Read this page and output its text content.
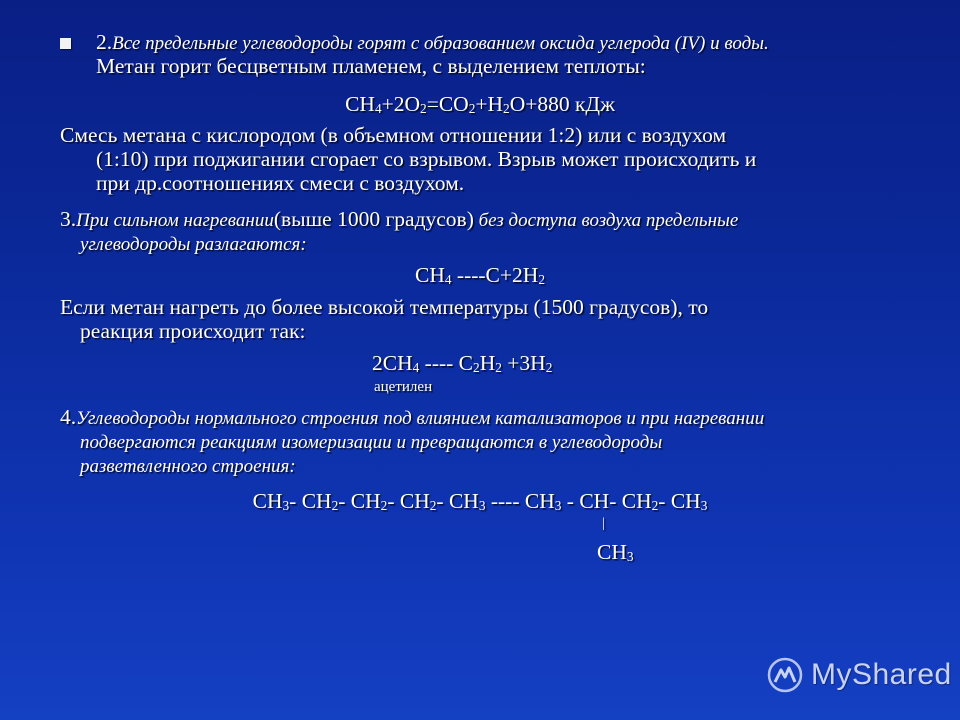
2.Все предельные углеводороды горят с образованием оксида углерода (IV) и воды.
Метан горит бесцветным пламенем, с выделением теплоты:
$CH_4+2O_2=CO_2+H_2O+880$ кДж
Смесь метана с кислородом (в объемном отношении 1:2) или с воздухом
(1:10) при поджигании сгорает со взрывом. Взрыв может происходить и
при др.соотношениях смеси с воздухом.
3.При сильном нагревании(выше 1000 градусов) без доступа воздуха предельные
углеводороды разлагаются:
$CH_4$ $----C+2H_2$
Если метан нагреть до более высокой температуры (1500 градусов), то
реакция происходит так:
$2CH_4$ ---- $C_2H_2 +3H_2$
ацетилен
4.Углеводороды нормального строения под влиянием катализаторов и при нагревании
подвергаются реакциям изомеризации и превращаются в углеводороды
разветвленного строения:
$CH_3-$ $CH_2-$ $CH_2-$ $CH_2-$ $CH_3$ ---- $CH_3 - CH-$ $CH_2-$ $CH_3$
|
$CH_3$
MyShared
